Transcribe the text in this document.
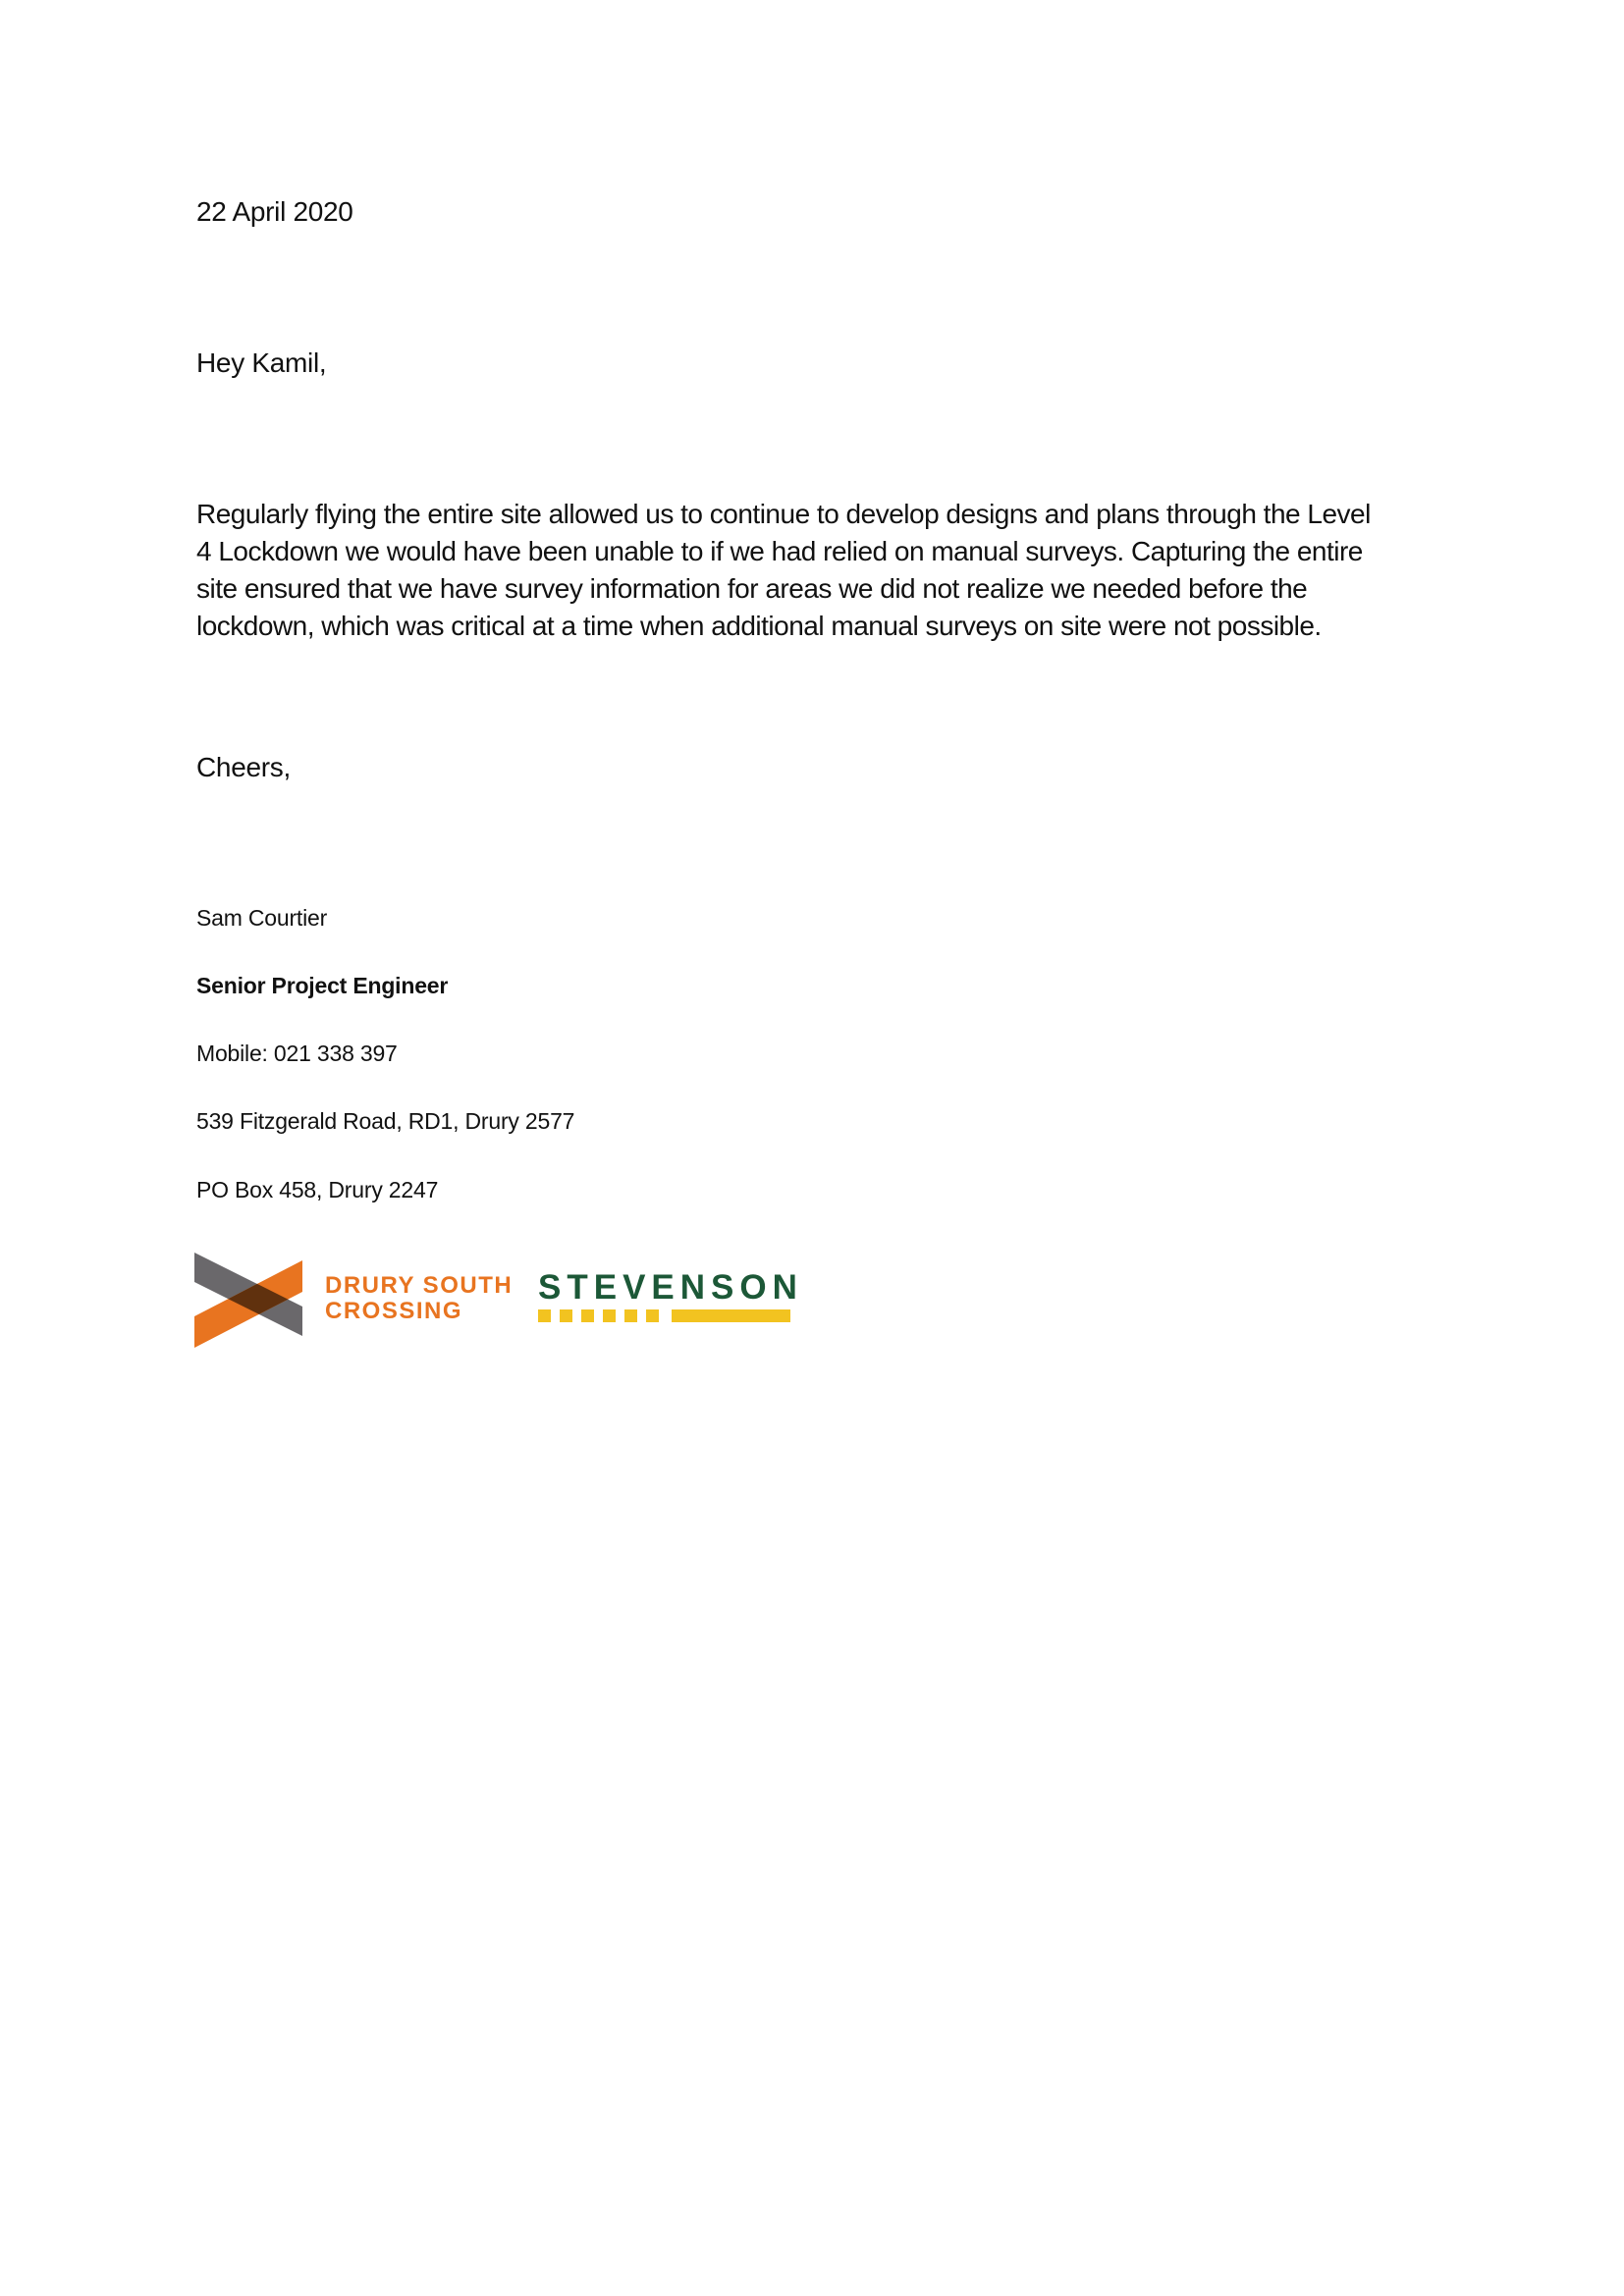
22 April 2020
Hey Kamil,
Regularly flying the entire site allowed us to continue to develop designs and plans through the Level
4 Lockdown we would have been unable to if we had relied on manual surveys. Capturing the entire
site ensured that we have survey information for areas we did not realize we needed before the
lockdown, which was critical at a time when additional manual surveys on site were not possible.
Cheers,
Sam Courtier
Senior Project Engineer
Mobile: 021 338 397
539 Fitzgerald Road, RD1, Drury 2577
PO Box 458, Drury 2247
DRURY SOUTH
CROSSING
STEVENSON
